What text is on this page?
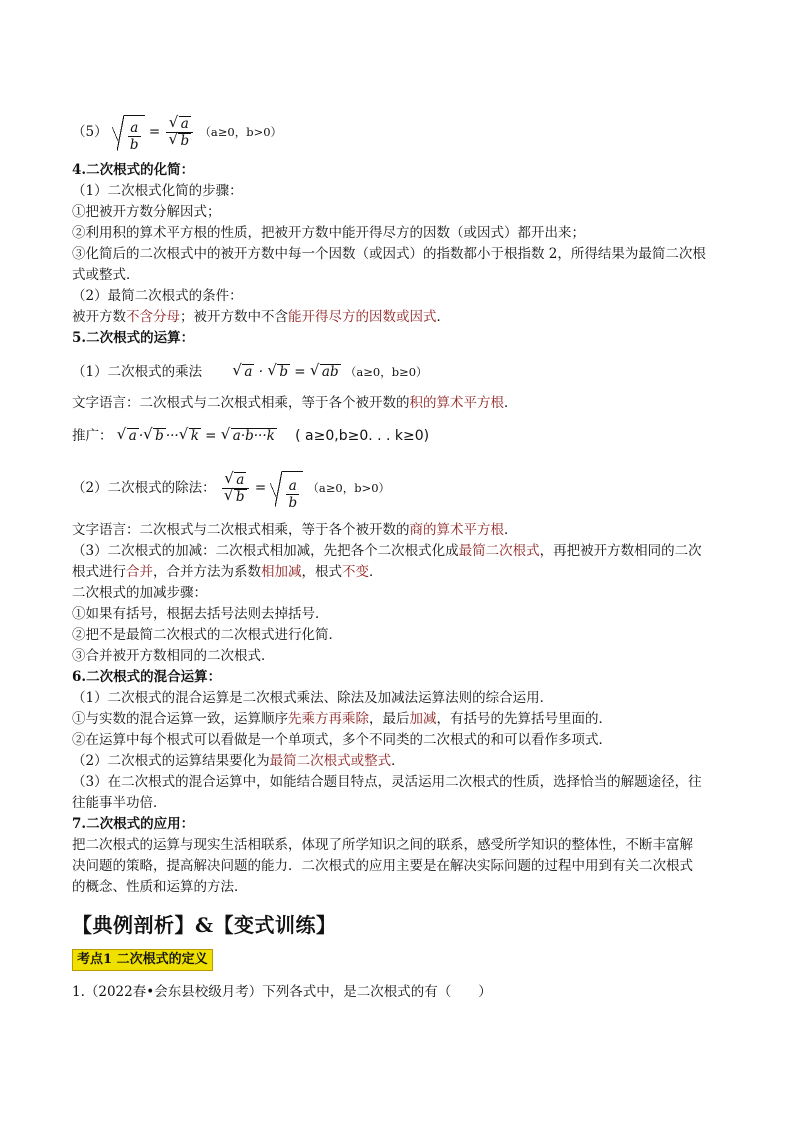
$(5) \frac{a}{b}$ = √ a
√ b （a≥0，b>0）
4.二次根式的化简：
（1）二次根式化简的步骤：
①把被开方数分解因式；
②利用积的算术平方根的性质，把被开方数中能开得尽方的因数（或因式）都开出来；
③化简后的二次根式中的被开方数中每一个因数（或因式）的指数都小于根指数 2，所得结果为最简二次根
式或整式．
（2）最简二次根式的条件：
被开方数不含分母；被开方数中不含能开得尽方的因数或因式．
5.二次根式的运算：
（1）二次根式的乘法	√ a · √ b = √ ab （a≥0，b≥0）
文字语言：二次根式与二次根式相乘，等于各个被开数的积的算术平方根．
推广： √ a · √ b ··· √ k = √ a·b···k ( a≥0,b≥0. . . k≥0)
（2）二次根式的除法： √ a
√ $b = \frac{a}{b} (a\ge 0$，b>0）
文字语言：二次根式与二次根式相乘，等于各个被开数的商的算术平方根．
（3）二次根式的加减：二次根式相加减，先把各个二次根式化成最简二次根式，再把被开方数相同的二次
根式进行合并，合并方法为系数相加减，根式不变．
二次根式的加减步骤：
①如果有括号，根据去括号法则去掉括号．
②把不是最简二次根式的二次根式进行化简．
③合并被开方数相同的二次根式．
6.二次根式的混合运算：
（1）二次根式的混合运算是二次根式乘法、除法及加减法运算法则的综合运用．
①与实数的混合运算一致，运算顺序先乘方再乘除，最后加减，有括号的先算括号里面的．
②在运算中每个根式可以看做是一个单项式，多个不同类的二次根式的和可以看作多项式．
（2）二次根式的运算结果要化为最简二次根式或整式．
（3）在二次根式的混合运算中，如能结合题目特点，灵活运用二次根式的性质，选择恰当的解题途径，往
往能事半功倍．
7.二次根式的应用：
把二次根式的运算与现实生活相联系，体现了所学知识之间的联系，感受所学知识的整体性，不断丰富解
决问题的策略，提高解决问题的能力．二次根式的应用主要是在解决实际问题的过程中用到有关二次根式
的概念、性质和运算的方法．
【典例剖析】&【变式训练】
考点1 二次根式的定义
1.（2022春•会东县校级月考）下列各式中，是二次根式的有（　　）
